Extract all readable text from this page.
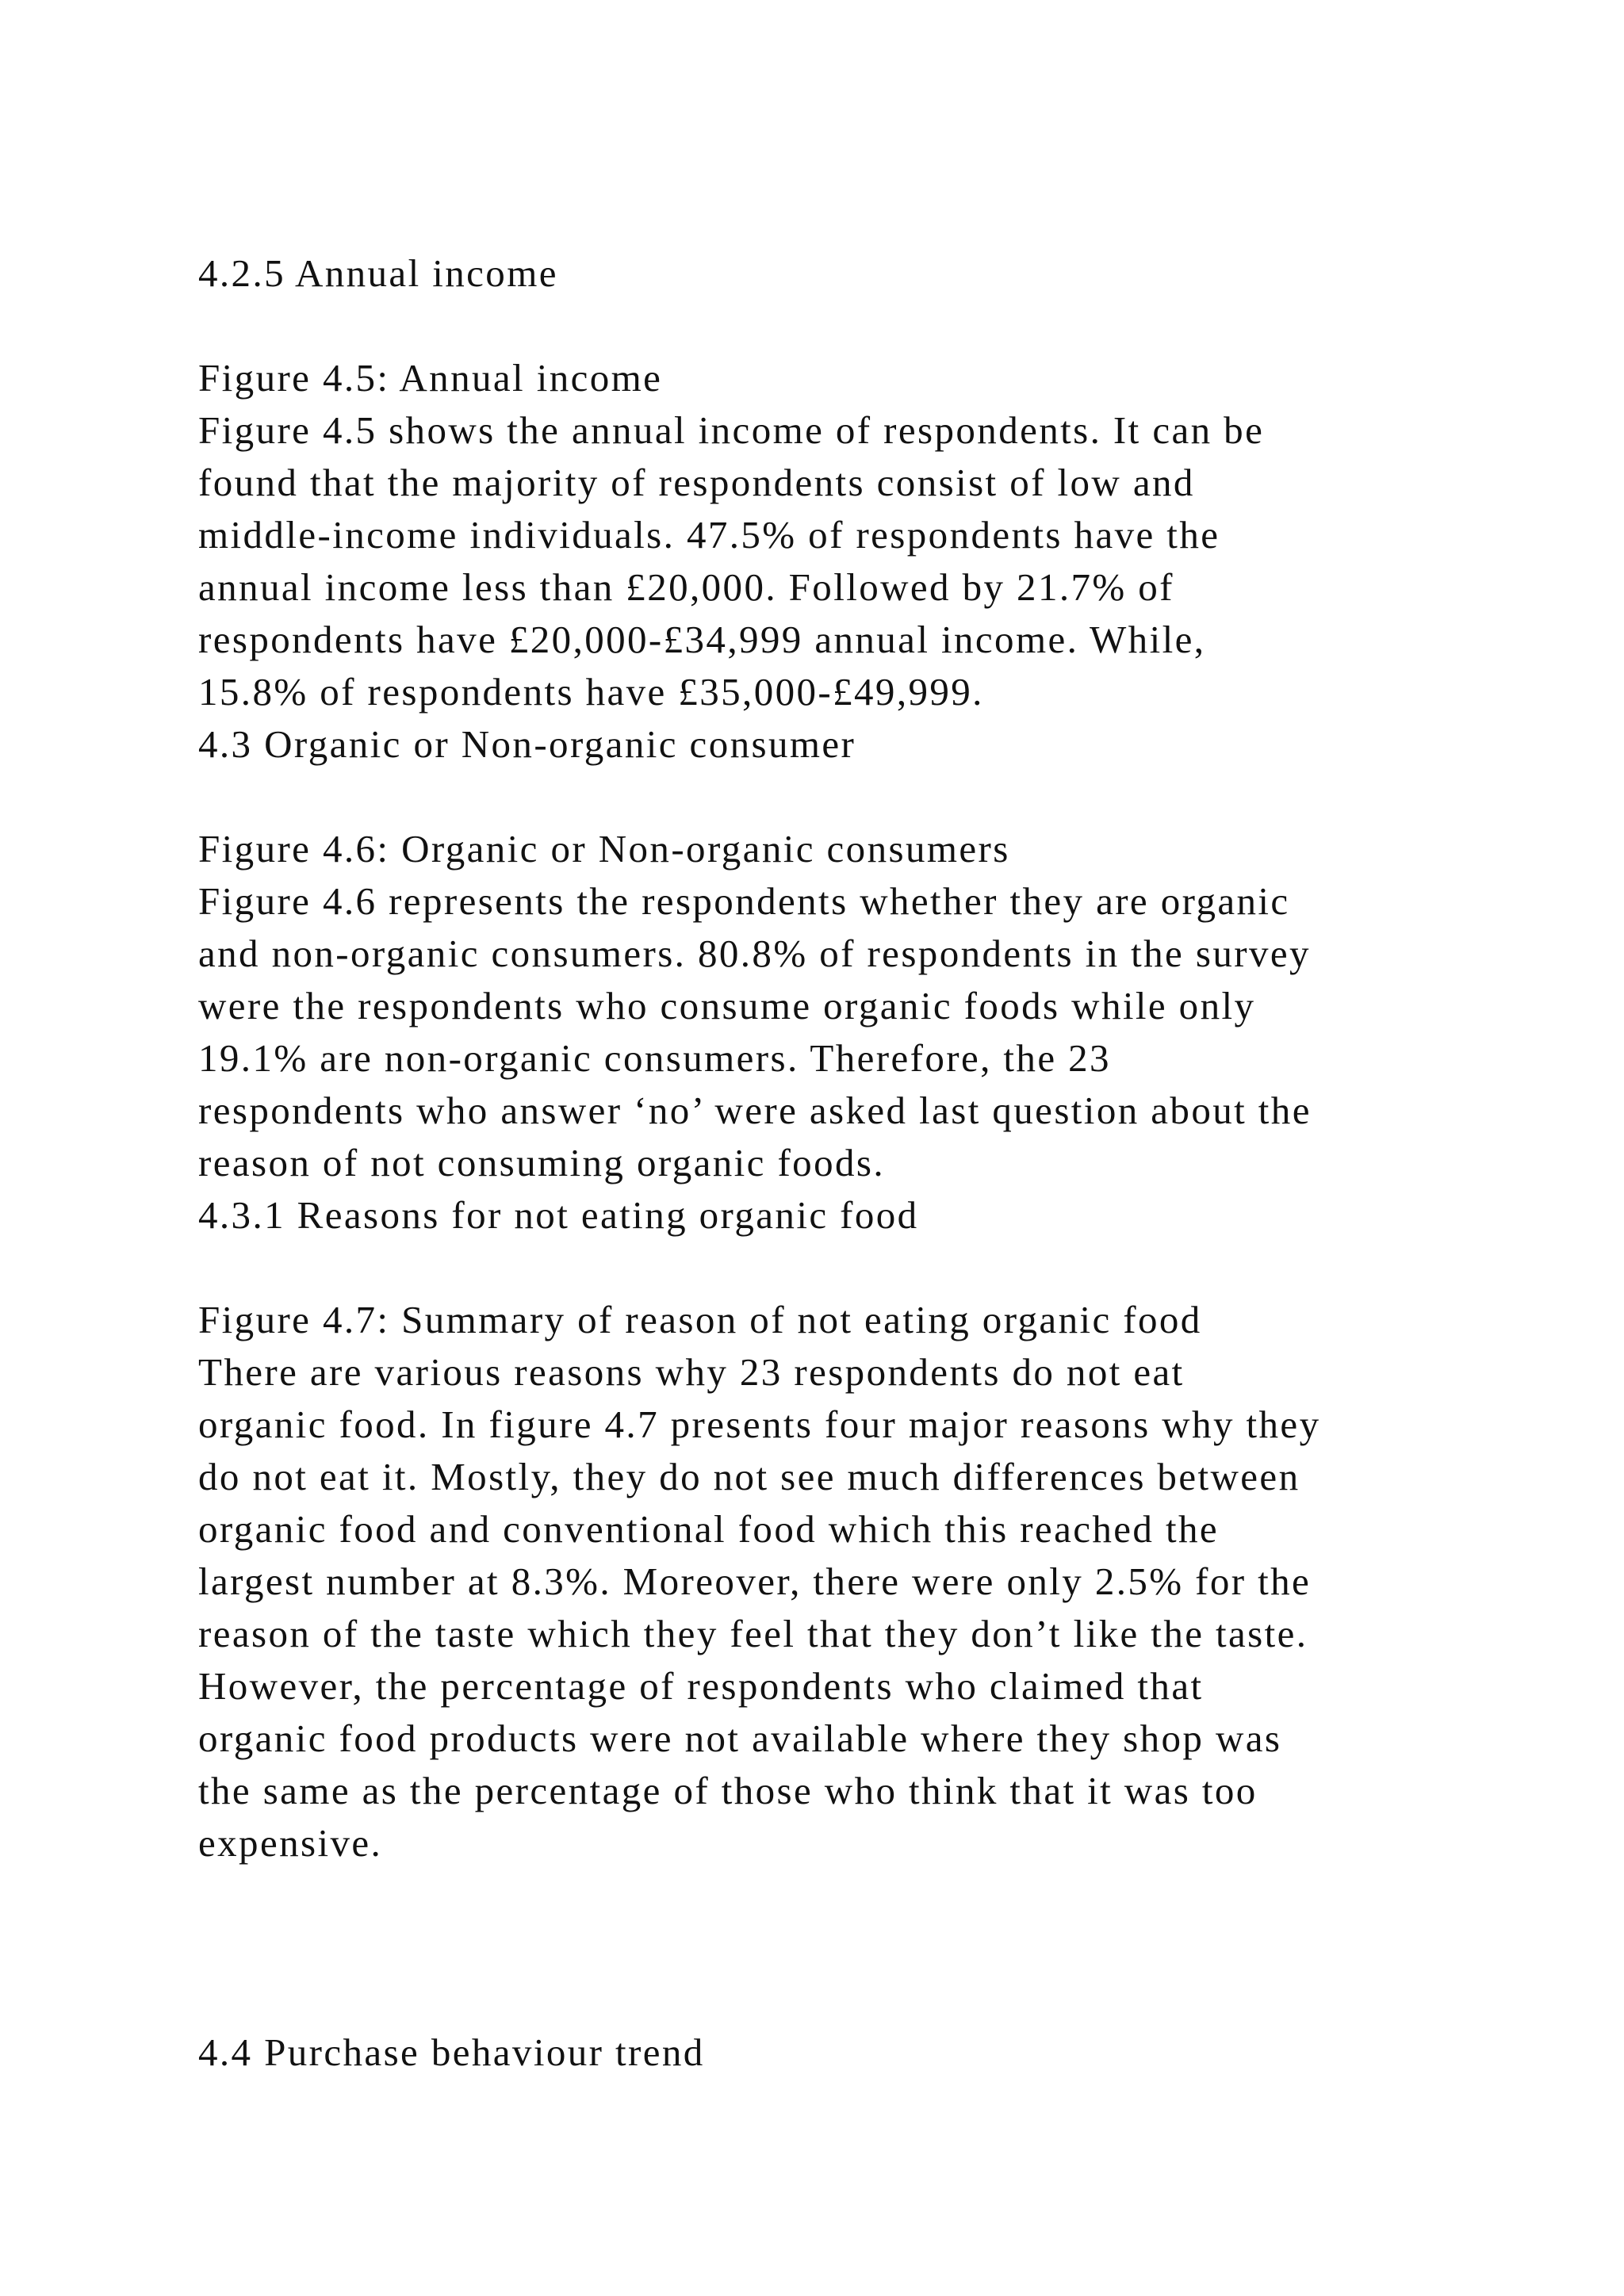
4.2.5 Annual income
Figure 4.5: Annual income
Figure 4.5 shows the annual income of respondents. It can be
found that the majority of respondents consist of low and
middle-income individuals. 47.5% of respondents have the
annual income less than £20,000. Followed by 21.7% of
respondents have £20,000-£34,999 annual income. While,
15.8% of respondents have £35,000-£49,999.
4.3 Organic or Non-organic consumer
Figure 4.6: Organic or Non-organic consumers
Figure 4.6 represents the respondents whether they are organic
and non-organic consumers. 80.8% of respondents in the survey
were the respondents who consume organic foods while only
19.1% are non-organic consumers. Therefore, the 23
respondents who answer ‘no’ were asked last question about the
reason of not consuming organic foods.
4.3.1 Reasons for not eating organic food
Figure 4.7: Summary of reason of not eating organic food
There are various reasons why 23 respondents do not eat
organic food. In figure 4.7 presents four major reasons why they
do not eat it. Mostly, they do not see much differences between
organic food and conventional food which this reached the
largest number at 8.3%. Moreover, there were only 2.5% for the
reason of the taste which they feel that they don’t like the taste.
However, the percentage of respondents who claimed that
organic food products were not available where they shop was
the same as the percentage of those who think that it was too
expensive.
4.4 Purchase behaviour trend
